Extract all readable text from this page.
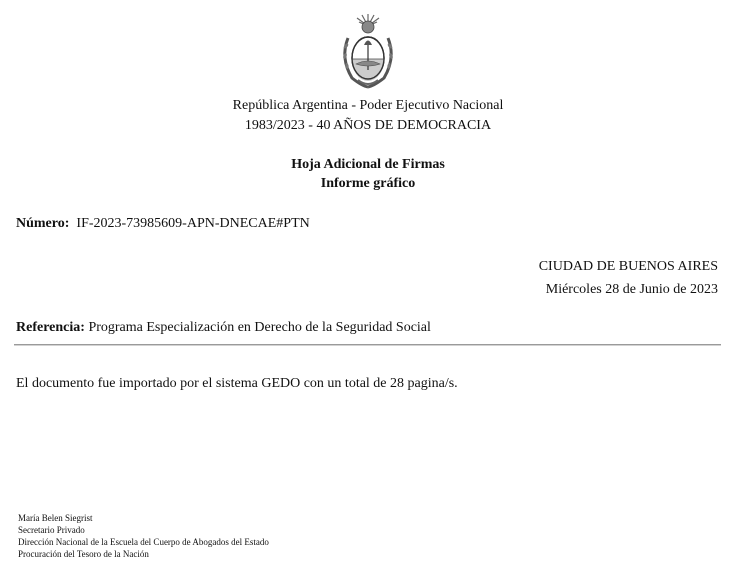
República Argentina - Poder Ejecutivo Nacional
1983/2023 - 40 AÑOS DE DEMOCRACIA
Hoja Adicional de Firmas
Informe gráfico
Número: IF-2023-73985609-APN-DNECAE#PTN
CIUDAD DE BUENOS AIRES
Miércoles 28 de Junio de 2023
Referencia: Programa Especialización en Derecho de la Seguridad Social
El documento fue importado por el sistema GEDO con un total de 28 pagina/s.
María Belen Siegrist
Secretario Privado
Dirección Nacional de la Escuela del Cuerpo de Abogados del Estado
Procuración del Tesoro de la Nación
